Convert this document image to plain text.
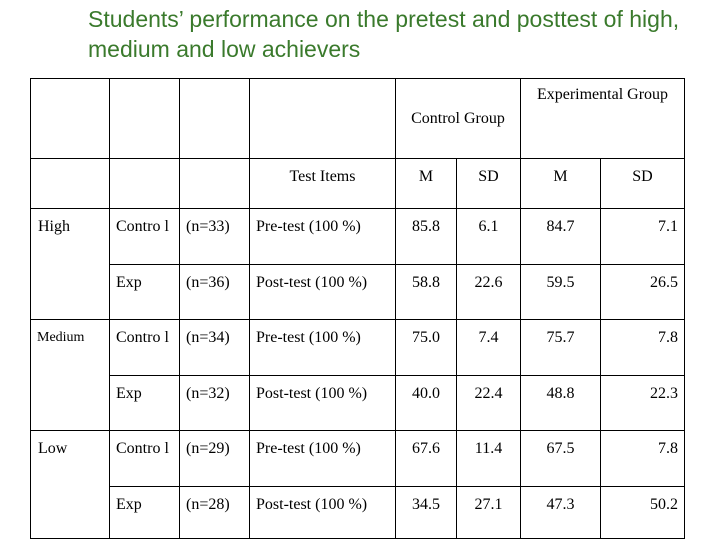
Students’ performance on the pretest and posttest of high, medium and low achievers
				Control Group		Experimental Group	
			Test Items	M	SD	M	SD
High	Contro l	(n=33)	Pre-test (100 %)	85.8	6.1	84.7	7.1
	Exp	(n=36)	Post-test (100 %)	58.8	22.6	59.5	26.5
Medium	Contro l	(n=34)	Pre-test (100 %)	75.0	7.4	75.7	7.8
	Exp	(n=32)	Post-test (100 %)	40.0	22.4	48.8	22.3
Low	Contro l	(n=29)	Pre-test (100 %)	67.6	11.4	67.5	7.8
	Exp	(n=28)	Post-test (100 %)	34.5	27.1	47.3	50.2
